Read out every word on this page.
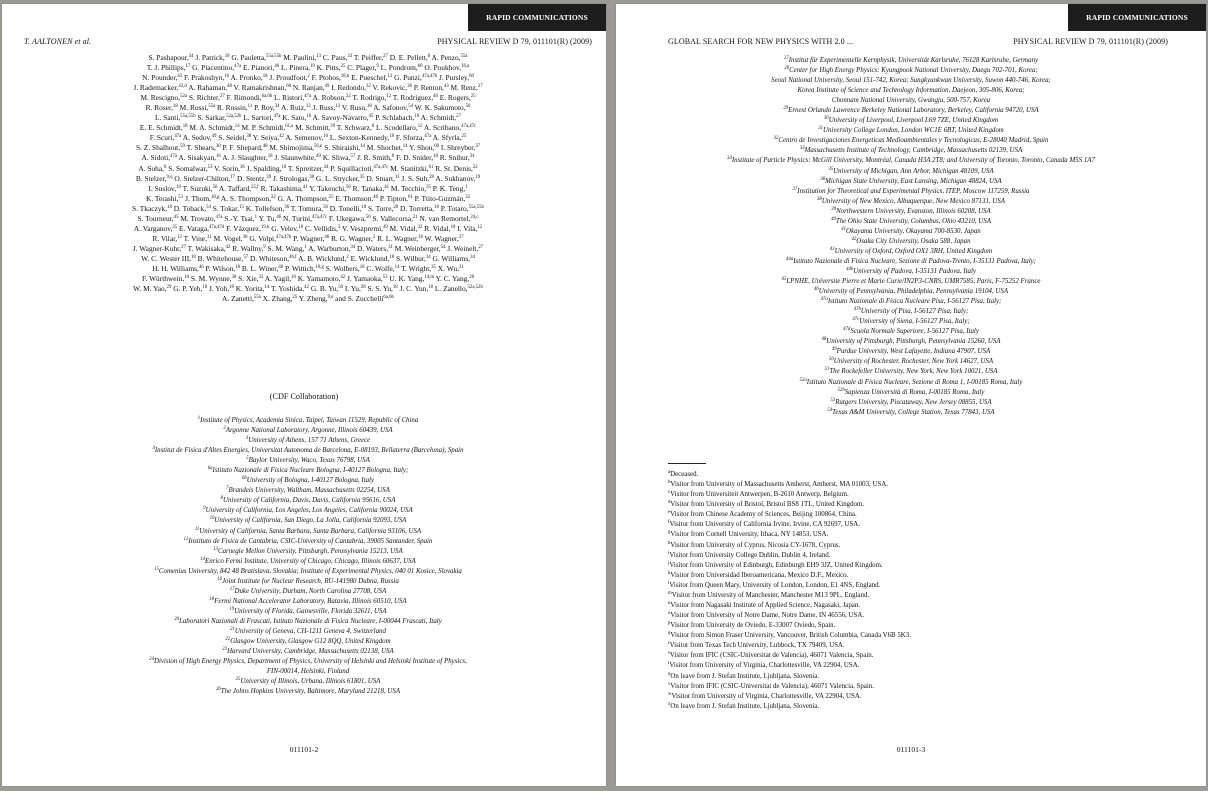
RAPID COMMUNICATIONS
T. AALTONEN et al.	PHYSICAL REVIEW D 79, 011101(R) (2009)
S. Pashapour,$^{34}$ J. Patrick,$^{18}$ G. Pauletta,$^{55a,55b}$ M. Paulini,$^{13}$ C. Paus,$^{33}$ T. Peiffer,$^{27}$ D. E. Pellett,$^8$ A. Penzo,$^{55a}$
T. J. Phillips,$^{17}$ G. Piacentino,$^{47a}$ E. Pianori,$^{46}$ L. Pinera,$^{19}$ K. Pitts,$^{25}$ C. Plager,$^9$ L. Pondrom,$^{60}$ O. Poukhov,$^{16,a}$
N. Pounder,$^{43}$ F. Prakoshyn,$^{16}$ A. Pronko,$^{18}$ J. Proudfoot,$^2$ F. Ptohos,$^{18,h}$ E. Pueschel,$^{13}$ G. Punzi,$^{47a,47b}$ J. Pursley,$^{60}$
J. Rademacker,$^{43,d}$ A. Rahaman,$^{48}$ V. Ramakrishnan,$^{60}$ N. Ranjan,$^{49}$ I. Redondo,$^{32}$ V. Rekovic,$^{38}$ P. Renton,$^{43}$ M. Renz,$^{27}$
M. Rescigno,$^{52a}$ S. Richter,$^{27}$ F. Rimondi,$^{6a,6b}$ L. Ristori,$^{47a}$ A. Robson,$^{22}$ T. Rodrigo,$^{12}$ T. Rodriguez,$^{46}$ E. Rogers,$^{25}$
R. Roser,$^{18}$ M. Rossi,$^{55a}$ R. Rossin,$^{11}$ P. Roy,$^{34}$ A. Ruiz,$^{12}$ J. Russ,$^{13}$ V. Rusu,$^{18}$ A. Safonov,$^{54}$ W. K. Sakumoto,$^{50}$
L. Santi,$^{55a,55b}$ S. Sarkar,$^{52a,52b}$ L. Sartori,$^{47a}$ K. Sato,$^{18}$ A. Savoy-Navarro,$^{45}$ P. Schlabach,$^{18}$ A. Schmidt,$^{27}$
E. E. Schmidt,$^{18}$ M. A. Schmidt,$^{14}$ M. P. Schmidt,$^{61,a}$ M. Schmitt,$^{39}$ T. Schwarz,$^8$ L. Scodellaro,$^{12}$ A. Scribano,$^{47a,47c}$
F. Scuri,$^{47a}$ A. Sedov,$^{49}$ S. Seidel,$^{38}$ Y. Seiya,$^{42}$ A. Semenov,$^{16}$ L. Sexton-Kennedy,$^{18}$ F. Sforza,$^{47a}$ A. Sfyrla,$^{25}$
S. Z. Shalhout,$^{59}$ T. Shears,$^{30}$ P. F. Shepard,$^{48}$ M. Shimojima,$^{56,n}$ S. Shiraishi,$^{14}$ M. Shochet,$^{14}$ Y. Shon,$^{60}$ I. Shreyber,$^{37}$
A. Sidoti,$^{47a}$ A. Sisakyan,$^{16}$ A. J. Slaughter,$^{18}$ J. Slaunwhite,$^{40}$ K. Sliwa,$^{57}$ J. R. Smith,$^8$ F. D. Snider,$^{18}$ R. Snihur,$^{34}$
A. Soha,$^8$ S. Somalwar,$^{53}$ V. Sorin,$^{36}$ J. Spalding,$^{18}$ T. Spreitzer,$^{34}$ P. Squillacioti,$^{47a,47c}$ M. Stanitzki,$^{61}$ R. St. Denis,$^{22}$
B. Stelzer,$^{9,q}$ O. Stelzer-Chilton,$^{17}$ D. Stentz,$^{39}$ J. Strologas,$^{38}$ G. L. Strycker,$^{35}$ D. Stuart,$^{11}$ J. S. Suh,$^{28}$ A. Sukhanov,$^{19}$
I. Suslov,$^{16}$ T. Suzuki,$^{56}$ A. Taffard,$^{25,f}$ R. Takashima,$^{41}$ Y. Takeuchi,$^{56}$ R. Tanaka,$^{41}$ M. Tecchio,$^{35}$ P. K. Teng,$^1$
K. Terashi,$^{51}$ J. Thom,$^{18,g}$ A. S. Thompson,$^{22}$ G. A. Thompson,$^{25}$ E. Thomson,$^{46}$ P. Tipton,$^{61}$ P. Ttito-Guzmán,$^{32}$
S. Tkaczyk,$^{18}$ D. Toback,$^{54}$ S. Tokar,$^{15}$ K. Tollefson,$^{36}$ T. Tomura,$^{56}$ D. Tonelli,$^{18}$ S. Torre,$^{20}$ D. Torretta,$^{18}$ P. Totaro,$^{55a,55b}$
S. Tourneur,$^{45}$ M. Trovato,$^{47a}$ S.-Y. Tsai,$^1$ Y. Tu,$^{46}$ N. Turini,$^{47a,47c}$ F. Ukegawa,$^{56}$ S. Vallecorsa,$^{21}$ N. van Remortel,$^{24,c}$
A. Varganov,$^{35}$ E. Vataga,$^{47a,47d}$ F. Vázquez,$^{19,k}$ G. Velev,$^{18}$ C. Vellidis,$^3$ V. Veszpremi,$^{49}$ M. Vidal,$^{32}$ R. Vidal,$^{18}$ I. Vila,$^{12}$
R. Vilar,$^{12}$ T. Vine,$^{31}$ M. Vogel,$^{38}$ G. Volpi,$^{47a,47b}$ P. Wagner,$^{46}$ R. G. Wagner,$^2$ R. L. Wagner,$^{18}$ W. Wagner,$^{27}$
J. Wagner-Kuhr,$^{27}$ T. Wakisaka,$^{42}$ R. Wallny,$^9$ S. M. Wang,$^1$ A. Warburton,$^{34}$ D. Waters,$^{31}$ M. Weinberger,$^{54}$ J. Weinelt,$^{27}$
W. C. Wester III,$^{18}$ B. Whitehouse,$^{57}$ D. Whiteson,$^{46,f}$ A. B. Wicklund,$^2$ E. Wicklund,$^{18}$ S. Wilbur,$^{14}$ G. Williams,$^{34}$
H. H. Williams,$^{46}$ P. Wilson,$^{18}$ B. L. Winer,$^{40}$ P. Wittich,$^{18,g}$ S. Wolbers,$^{18}$ C. Wolfe,$^{14}$ T. Wright,$^{35}$ X. Wu,$^{21}$
F. Würthwein,$^{10}$ S. M. Wynne,$^{30}$ S. Xie,$^{33}$ A. Yagil,$^{10}$ K. Yamamoto,$^{42}$ J. Yamaoka,$^{53}$ U. K. Yang,$^{14,m}$ Y. C. Yang,$^{28}$
W. M. Yao,$^{29}$ G. P. Yeh,$^{18}$ J. Yoh,$^{18}$ K. Yorita,$^{14}$ T. Yoshida,$^{42}$ G. B. Yu,$^{50}$ I. Yu,$^{28}$ S. S. Yu,$^{18}$ J. C. Yun,$^{18}$ L. Zanello,$^{52a,52b}$
A. Zanetti,$^{55a}$ X. Zhang,$^{25}$ Y. Zheng,$^{9,e}$ and S. Zucchelli$^{6a,6b}$
(CDF Collaboration)
$^1$Institute of Physics, Academia Sinica, Taipei, Taiwan 11529, Republic of China
$^2$Argonne National Laboratory, Argonne, Illinois 60439, USA
$^3$University of Athens, 157 71 Athens, Greece
$^4$Institut de Fisica d'Altes Energies, Universitat Autonoma de Barcelona, E-08193, Bellaterra (Barcelona), Spain
$^5$Baylor University, Waco, Texas 76798, USA
$^{6a}$Istituto Nazionale di Fisica Nucleare Bologna, I-40127 Bologna, Italy;
$^{6b}$University of Bologna, I-40127 Bologna, Italy
$^7$Brandeis University, Waltham, Massachusetts 02254, USA
$^8$University of California, Davis, Davis, California 95616, USA
$^9$University of California, Los Angeles, Los Angeles, California 90024, USA
$^{10}$University of California, San Diego, La Jolla, California 92093, USA
$^{11}$University of California, Santa Barbara, Santa Barbara, California 93106, USA
$^{12}$Instituto de Fisica de Cantabria, CSIC-University of Cantabria, 39005 Santander, Spain
$^{13}$Carnegie Mellon University, Pittsburgh, Pennsylvania 15213, USA
$^{14}$Enrico Fermi Institute, University of Chicago, Chicago, Illinois 60637, USA
$^{15}$Comenius University, 842 48 Bratislava, Slovakia; Institute of Experimental Physics, 040 01 Kosice, Slovakia
$^{16}$Joint Institute for Nuclear Research, RU-141980 Dubna, Russia
$^{17}$Duke University, Durham, North Carolina 27708, USA
$^{18}$Fermi National Accelerator Laboratory, Batavia, Illinois 60510, USA
$^{19}$University of Florida, Gainesville, Florida 32611, USA
$^{20}$Laboratori Nazionali di Frascati, Istituto Nazionale di Fisica Nucleare, I-00044 Frascati, Italy
$^{21}$University of Geneva, CH-1211 Geneva 4, Switzerland
$^{22}$Glasgow University, Glasgow G12 8QQ, United Kingdom
$^{23}$Harvard University, Cambridge, Massachusetts 02138, USA
$^{24}$Division of High Energy Physics, Department of Physics, University of Helsinki and Helsinki Institute of Physics,
FIN-00014, Helsinki, Finland
$^{25}$University of Illinois, Urbana, Illinois 61801, USA
$^{26}$The Johns Hopkins University, Baltimore, Maryland 21218, USA
011101-2
RAPID COMMUNICATIONS
GLOBAL SEARCH FOR NEW PHYSICS WITH 2.0 ...	PHYSICAL REVIEW D 79, 011101(R) (2009)
$^{27}$Institut für Experimentelle Kernphysik, Universität Karlsruhe, 76128 Karlsruhe, Germany
$^{28}$Center for High Energy Physics: Kyungpook National University, Daegu 702-701, Korea;
Seoul National University, Seoul 151-742, Korea; Sungkyunkwan University, Suwon 440-746, Korea;
Korea Institute of Science and Technology Information, Daejeon, 305-806, Korea;
Chonnam National University, Gwangju, 500-757, Korea
$^{29}$Ernest Orlando Lawrence Berkeley National Laboratory, Berkeley, California 94720, USA
$^{30}$University of Liverpool, Liverpool L69 7ZE, United Kingdom
$^{31}$University College London, London WC1E 6BT, United Kingdom
$^{32}$Centro de Investigaciones Energeticas Medioambientales y Tecnologicas, E-28040 Madrid, Spain
$^{33}$Massachusetts Institute of Technology, Cambridge, Massachusetts 02139, USA
$^{34}$Institute of Particle Physics: McGill University, Montréal, Canada H3A 2T8; and University of Toronto, Toronto, Canada M5S 1A7
$^{35}$University of Michigan, Ann Arbor, Michigan 48109, USA
$^{36}$Michigan State University, East Lansing, Michigan 48824, USA
$^{37}$Institution for Theoretical and Experimental Physics, ITEP, Moscow 117259, Russia
$^{38}$University of New Mexico, Albuquerque, New Mexico 87131, USA
$^{39}$Northwestern University, Evanston, Illinois 60208, USA
$^{40}$The Ohio State University, Columbus, Ohio 43210, USA
$^{41}$Okayama University, Okayama 700-8530, Japan
$^{42}$Osaka City University, Osaka 588, Japan
$^{43}$University of Oxford, Oxford OX1 3RH, United Kingdom
$^{44a}$Istituto Nazionale di Fisica Nucleare, Sezione di Padova-Trento, I-35131 Padova, Italy;
$^{44b}$University of Padova, I-35131 Padova, Italy
$^{45}$LPNHE, Universite Pierre et Marie Curie/IN2P3-CNRS, UMR7585, Paris, F-75252 France
$^{46}$University of Pennsylvania, Philadelphia, Pennsylvania 19104, USA
$^{47a}$Istituto Nazionale di Fisica Nucleare Pisa, I-56127 Pisa, Italy;
$^{47b}$University of Pisa, I-56127 Pisa, Italy;
$^{47c}$University of Siena, I-56127 Pisa, Italy;
$^{47d}$Scuola Normale Superiore, I-56127 Pisa, Italy
$^{48}$University of Pittsburgh, Pittsburgh, Pennsylvania 15260, USA
$^{49}$Purdue University, West Lafayette, Indiana 47907, USA
$^{50}$University of Rochester, Rochester, New York 14627, USA
$^{51}$The Rockefeller University, New York, New York 10021, USA
$^{52a}$Istituto Nazionale di Fisica Nucleare, Sezione di Roma 1, I-00185 Roma, Italy
$^{52b}$Sapienza Università di Roma, I-00185 Roma, Italy
$^{53}$Rutgers University, Piscataway, New Jersey 08855, USA
$^{54}$Texas A&M University, College Station, Texas 77843, USA
$^a$Deceased.
$^b$Visitor from University of Massachusetts Amherst, Amherst, MA 01003, USA.
$^c$Visitor from Universiteit Antwerpen, B-2610 Antwerp, Belgium.
$^d$Visitor from University of Bristol, Bristol BS8 1TL, United Kingdom.
$^e$Visitor from Chinese Academy of Sciences, Beijing 100864, China.
$^f$Visitor from University of California Irvine, Irvine, CA 92697, USA.
$^g$Visitor from Cornell University, Ithaca, NY 14853, USA.
$^h$Visitor from University of Cyprus, Nicosia CY-1678, Cyprus.
$^i$Visitor from University College Dublin, Dublin 4, Ireland.
$^j$Visitor from University of Edinburgh, Edinburgh EH9 3JZ, United Kingdom.
$^k$Visitor from Universidad Iberoamericana, Mexico D.F., Mexico.
$^l$Visitor from Queen Mary, University of London, London, E1 4NS, England.
$^m$Visitor from University of Manchester, Manchester M13 9PL, England.
$^n$Visitor from Nagasaki Institute of Applied Science, Nagasaki, Japan.
$^o$Visitor from University of Notre Dame, Notre Dame, IN 46556, USA.
$^p$Visitor from University de Oviedo, E-33007 Oviedo, Spain.
$^q$Visitor from Simon Fraser University, Vancouver, British Columbia, Canada V6B 5K3.
$^r$Visitor from Texas Tech University, Lubbock, TX 79409, USA.
$^s$Visitor from IFIC (CSIC-Universitat de Valencia), 46071 Valencia, Spain.
$^t$Visitor from University of Virginia, Charlottesville, VA 22904, USA.
$^u$On leave from J. Stefan Institute, Ljubljana, Slovenia.
$^v$Visitor from IFIC (CSIC-Universitat de Valencia), 46071 Valencia, Spain.
$^w$Visitor from University of Virginia, Charlottesville, VA 22904, USA.
$^x$On leave from J. Stefan Institute, Ljubljana, Slovenia.
011101-3
